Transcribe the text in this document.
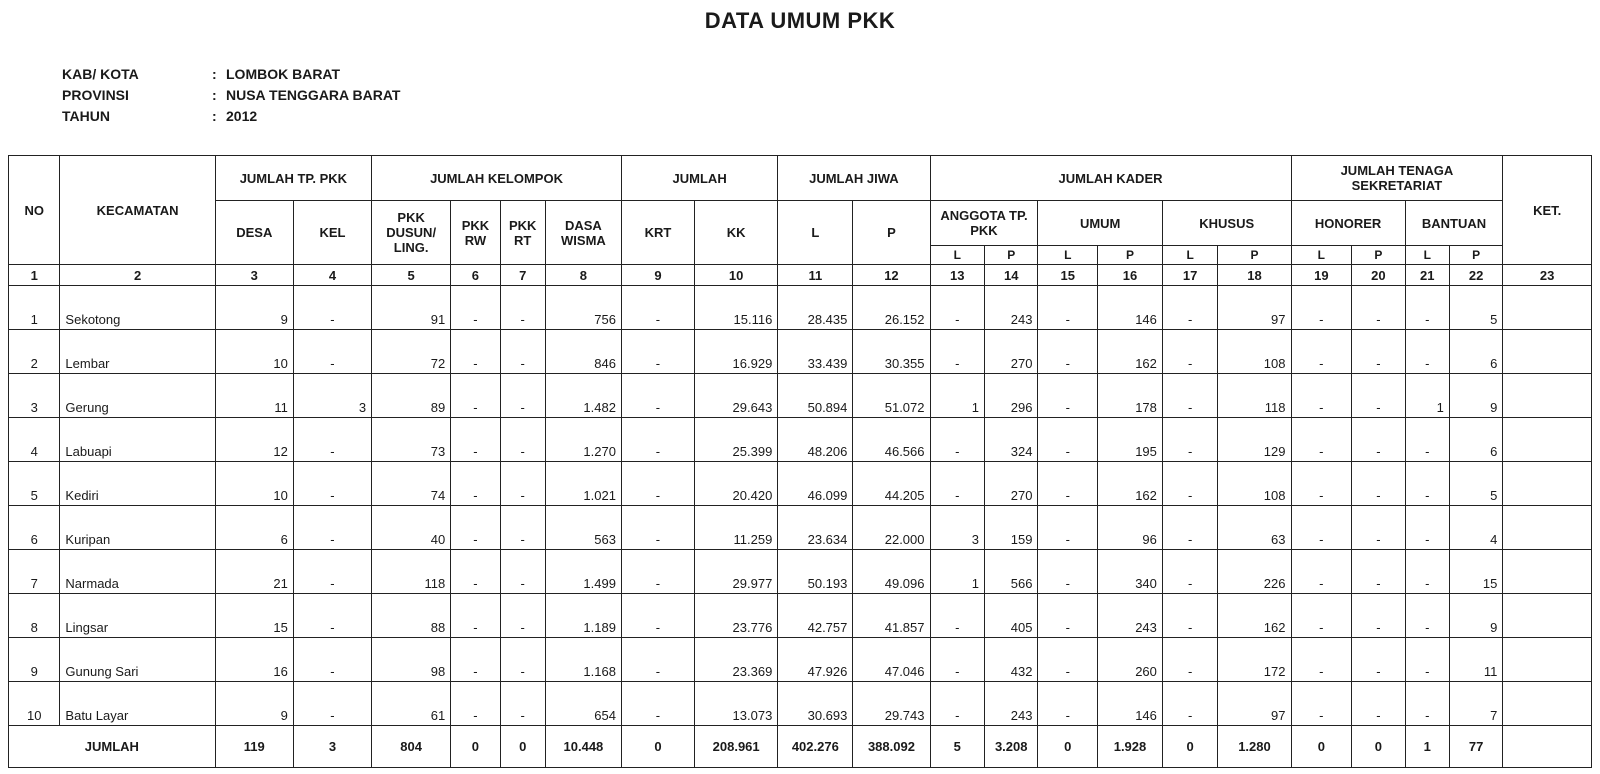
DATA UMUM PKK
KAB/ KOTA	: LOMBOK BARAT
PROVINSI	: NUSA TENGGARA BARAT
TAHUN	: 2012
NO	KECAMATAN	JUMLAH TP. PKK		JUMLAH KELOMPOK				JUMLAH		JUMLAH JIWA		JUMLAH KADER						JUMLAH TENAGA SEKRETARIAT				KET.
		DESA	KEL	PKK DUSUN/ LING.	PKK RW	PKK RT	DASA WISMA	KRT	KK	L	P	ANGGOTA TP. PKK		UMUM		KHUSUS		HONORER		BANTUAN		
												L	P	L	P	L	P	L	P	L	P	
1	2	3	4	5	6	7	8	9	10	11	12	13	14	15	16	17	18	19	20	21	22	23
1	Sekotong	9	-	91	-	-	756	-	15.116	28.435	26.152	-	243	-	146	-	97	-	-	-	5	
2	Lembar	10	-	72	-	-	846	-	16.929	33.439	30.355	-	270	-	162	-	108	-	-	-	6	
3	Gerung	11	3	89	-	-	1.482	-	29.643	50.894	51.072	1	296	-	178	-	118	-	-	1	9	
4	Labuapi	12	-	73	-	-	1.270	-	25.399	48.206	46.566	-	324	-	195	-	129	-	-	-	6	
5	Kediri	10	-	74	-	-	1.021	-	20.420	46.099	44.205	-	270	-	162	-	108	-	-	-	5	
6	Kuripan	6	-	40	-	-	563	-	11.259	23.634	22.000	3	159	-	96	-	63	-	-	-	4	
7	Narmada	21	-	118	-	-	1.499	-	29.977	50.193	49.096	1	566	-	340	-	226	-	-	-	15	
8	Lingsar	15	-	88	-	-	1.189	-	23.776	42.757	41.857	-	405	-	243	-	162	-	-	-	9	
9	Gunung Sari	16	-	98	-	-	1.168	-	23.369	47.926	47.046	-	432	-	260	-	172	-	-	-	11	
10	Batu Layar	9	-	61	-	-	654	-	13.073	30.693	29.743	-	243	-	146	-	97	-	-	-	7	
JUMLAH		119	3	804	0	0	10.448	0	208.961	402.276	388.092	5	3.208	0	1.928	0	1.280	0	0	1	77	
